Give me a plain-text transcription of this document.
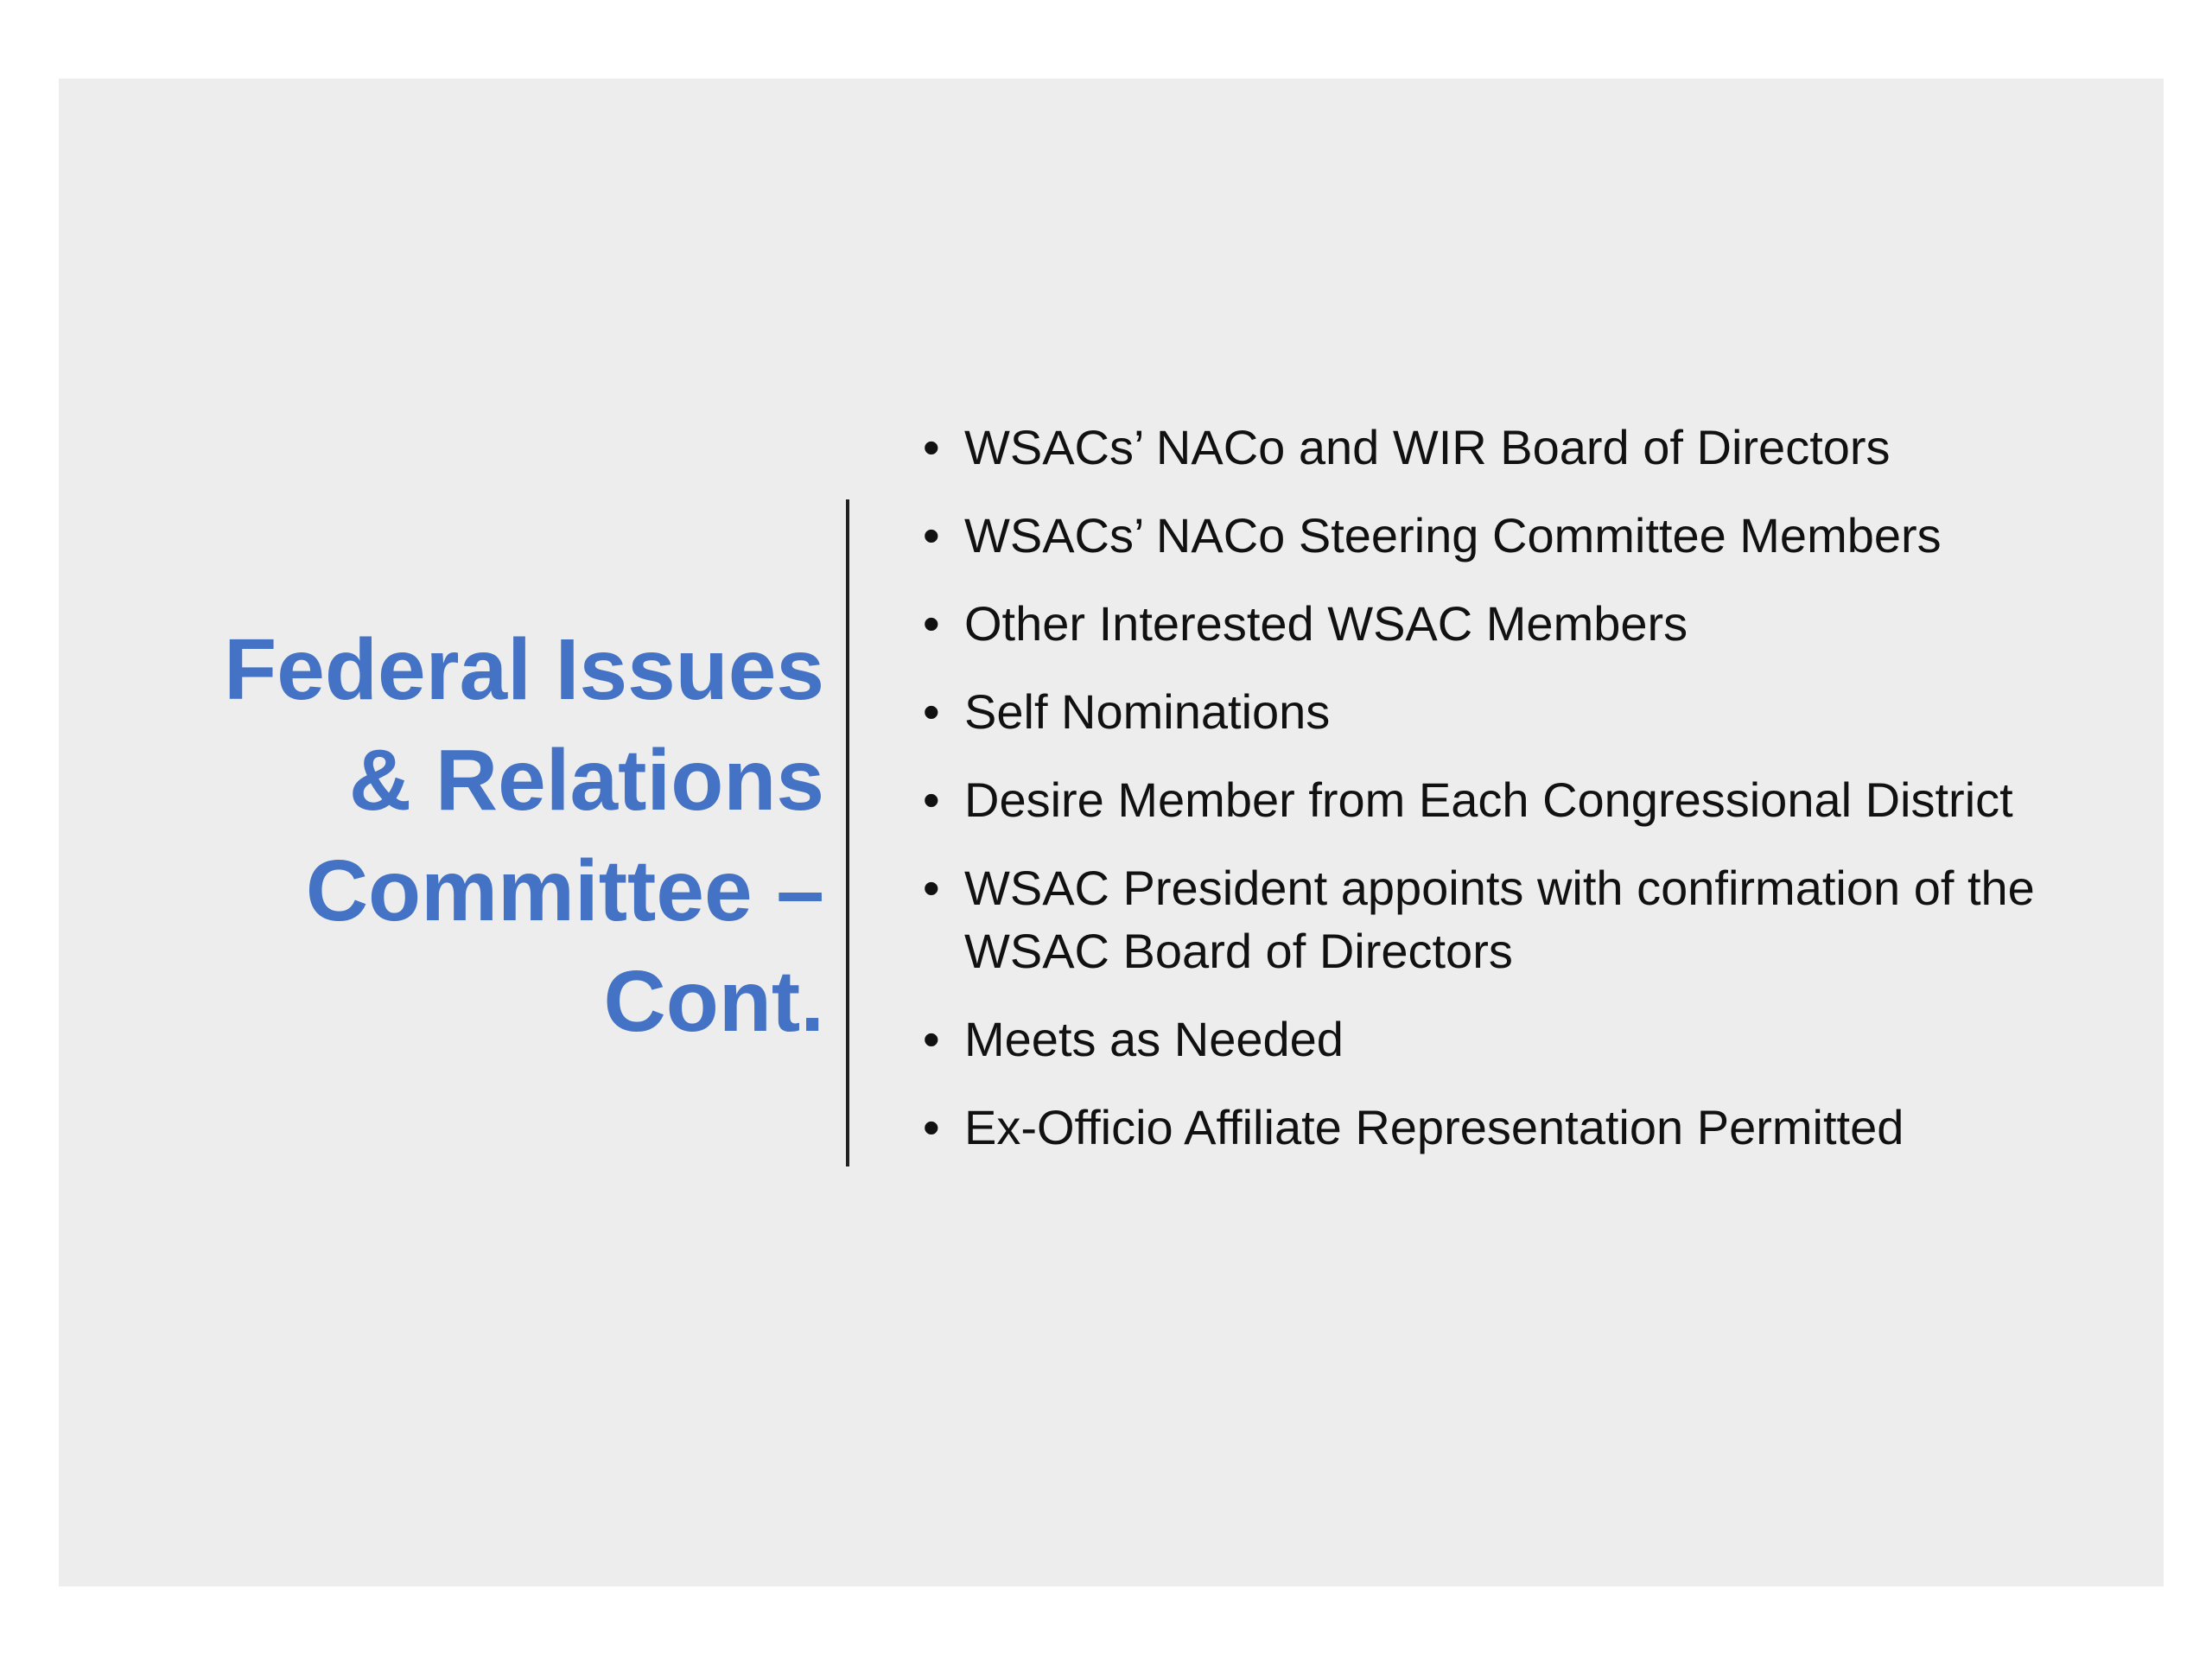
Federal Issues
& Relations
Committee –
Cont.
• WSACs’ NACo and WIR Board of Directors
• WSACs’ NACo Steering Committee Members
• Other Interested WSAC Members
• Self Nominations
• Desire Member from Each Congressional District
• WSAC President appoints with confirmation of the WSAC Board of Directors
• Meets as Needed
• Ex-Officio Affiliate Representation Permitted
